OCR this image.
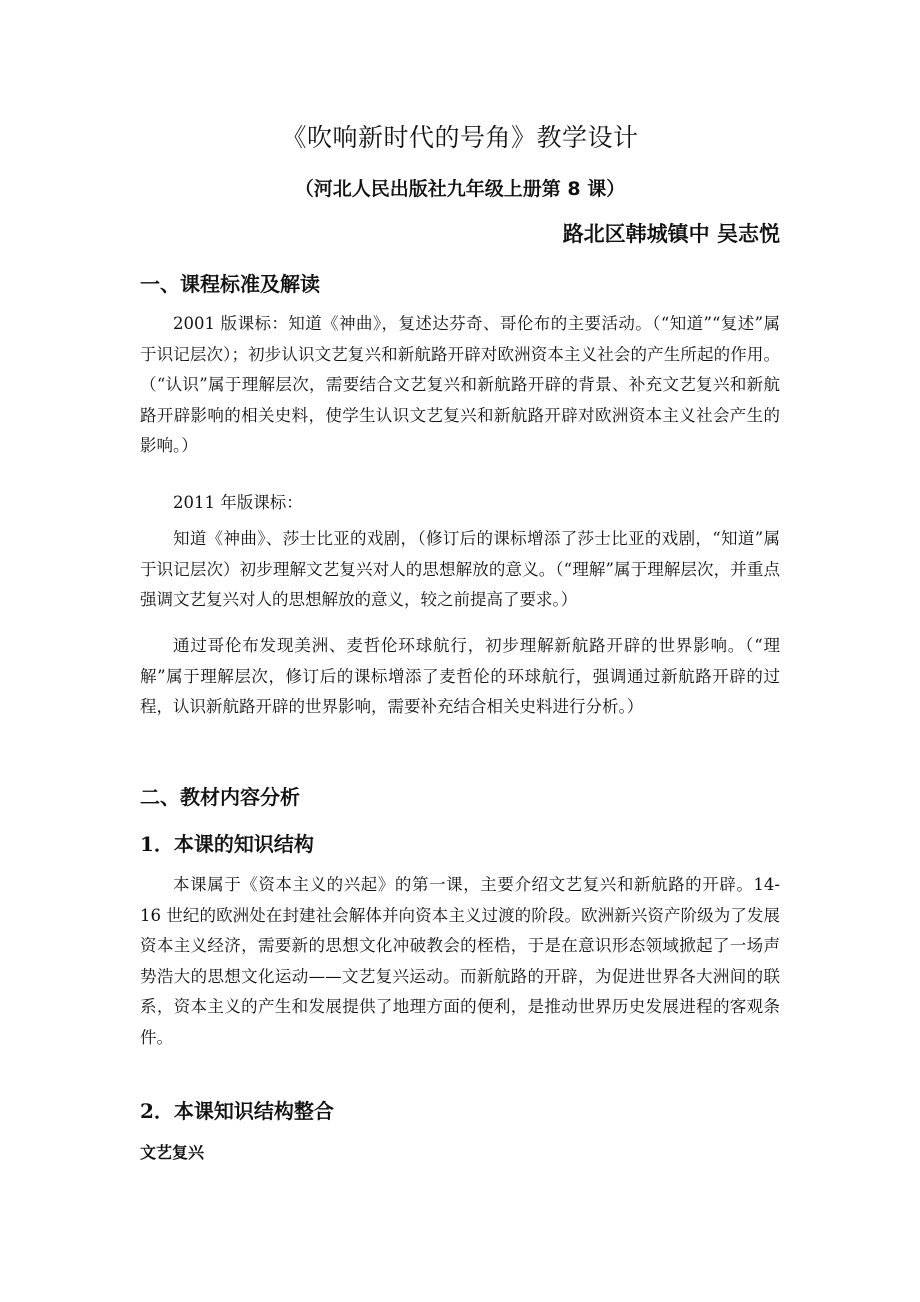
《吹响新时代的号角》教学设计
（河北人民出版社九年级上册第 8 课）
路北区韩城镇中 吴志悦
一、课程标准及解读

2001 版课标：知道《神曲》，复述达芬奇、哥伦布的主要活动。（“知道”“复述”属于识记层次）；初步认识文艺复兴和新航路开辟对欧洲资本主义社会的产生所起的作用。（“认识”属于理解层次，需要结合文艺复兴和新航路开辟的背景、补充文艺复兴和新航路开辟影响的相关史料，使学生认识文艺复兴和新航路开辟对欧洲资本主义社会产生的影响。）

2011 年版课标：

知道《神曲》、莎士比亚的戏剧，（修订后的课标增添了莎士比亚的戏剧，“知道”属于识记层次）初步理解文艺复兴对人的思想解放的意义。（“理解”属于理解层次，并重点强调文艺复兴对人的思想解放的意义，较之前提高了要求。）

通过哥伦布发现美洲、麦哲伦环球航行，初步理解新航路开辟的世界影响。（“理解”属于理解层次，修订后的课标增添了麦哲伦的环球航行，强调通过新航路开辟的过程，认识新航路开辟的世界影响，需要补充结合相关史料进行分析。）

二、教材内容分析
1．本课的知识结构

本课属于《资本主义的兴起》的第一课，主要介绍文艺复兴和新航路的开辟。14-16 世纪的欧洲处在封建社会解体并向资本主义过渡的阶段。欧洲新兴资产阶级为了发展资本主义经济，需要新的思想文化冲破教会的桎梏，于是在意识形态领域掀起了一场声势浩大的思想文化运动——文艺复兴运动。而新航路的开辟，为促进世界各大洲间的联系，资本主义的产生和发展提供了地理方面的便利，是推动世界历史发展进程的客观条件。

2．本课知识结构整合
文艺复兴
